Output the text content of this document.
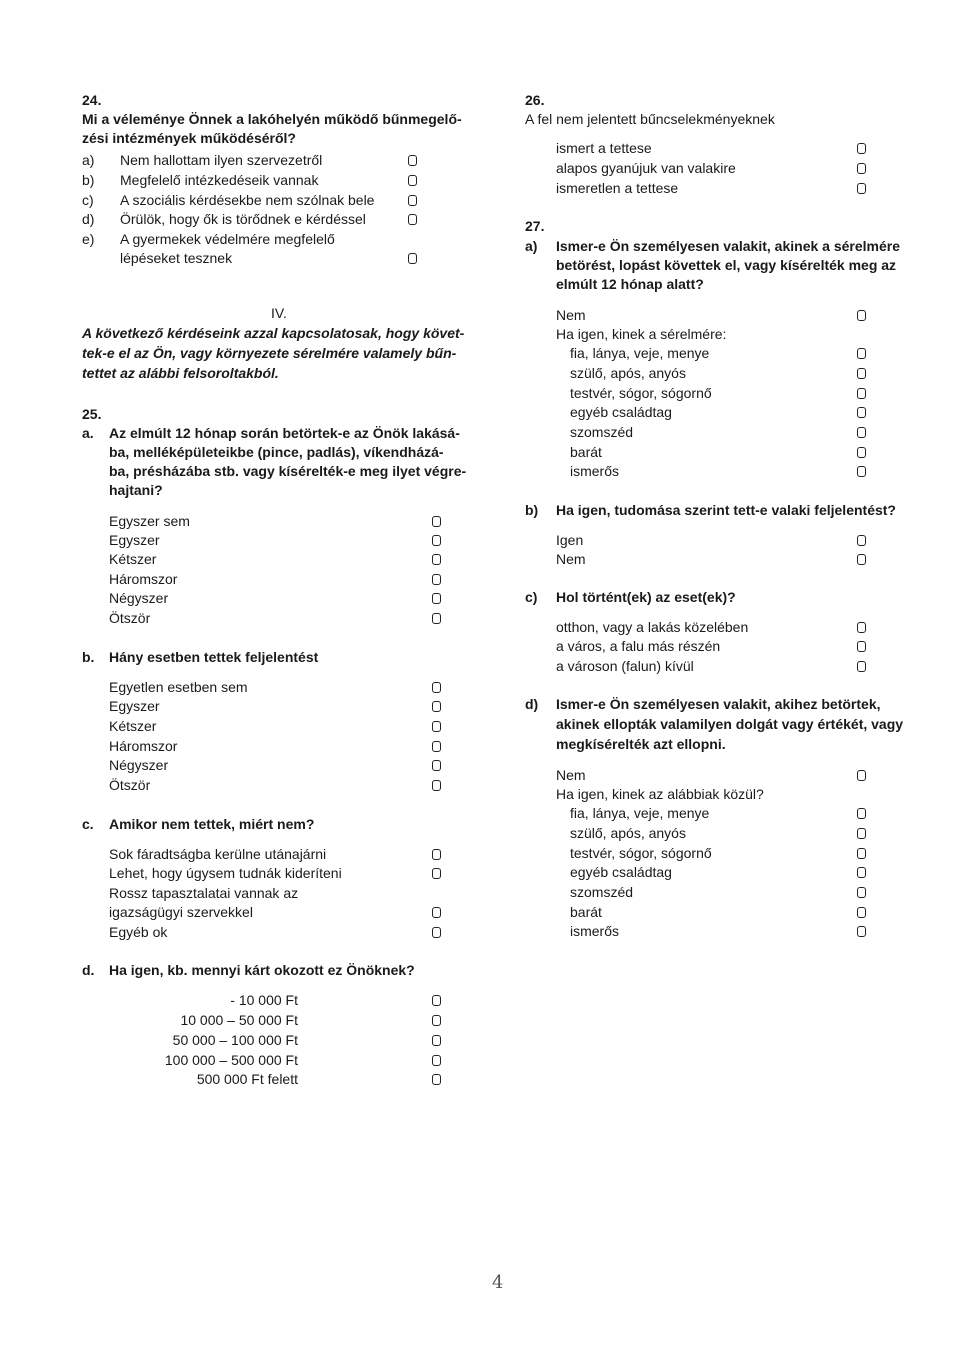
24.
Mi a véleménye Önnek a lakóhelyén működő bűnmegelő-
zési intézmények működéséről?
a) Nem hallottam ilyen szervezetről
b) Megfelelő intézkedéseik vannak
c) A szociális kérdésekbe nem szólnak bele
d) Örülök, hogy ők is törődnek e kérdéssel
e) A gyermekek védelmére megfelelő
lépéseket tesznek
IV.
A következő kérdéseink azzal kapcsolatosak, hogy követ-
tek-e el az Ön, vagy környezete sérelmére valamely bűn-
tettet az alábbi felsoroltakból.
25.
a. Az elmúlt 12 hónap során betörtek-e az Önök lakásá-
ba, melléképületeikbe (pince, padlás), víkendházá-
ba, présházába stb. vagy kísérelték-e meg ilyet végre-
hajtani?
Egyszer sem
Egyszer
Kétszer
Háromszor
Négyszer
Ötször
b. Hány esetben tettek feljelentést
Egyetlen esetben sem
Egyszer
Kétszer
Háromszor
Négyszer
Ötször
c. Amikor nem tettek, miért nem?
Sok fáradtságba kerülne utánajárni
Lehet, hogy úgysem tudnák kideríteni
Rossz tapasztalatai vannak az
igazságügyi szervekkel
Egyéb ok
d. Ha igen, kb. mennyi kárt okozott ez Önöknek?
- 10 000 Ft
10 000 – 50 000 Ft
50 000 – 100 000 Ft
100 000 – 500 000 Ft
500 000 Ft felett
26.
A fel nem jelentett bűncselekményeknek
ismert a tettese
alapos gyanújuk van valakire
ismeretlen a tettese
27.
a) Ismer-e Ön személyesen valakit, akinek a sérelmére
betörést, lopást követtek el, vagy kísérelték meg az
elmúlt 12 hónap alatt?
Nem
Ha igen, kinek a sérelmére:
fia, lánya, veje, menye
szülő, após, anyós
testvér, sógor, sógornő
egyéb családtag
szomszéd
barát
ismerős
b) Ha igen, tudomása szerint tett-e valaki feljelentést?
Igen
Nem
c) Hol történt(ek) az eset(ek)?
otthon, vagy a lakás közelében
a város, a falu más részén
a városon (falun) kívül
d) Ismer-e Ön személyesen valakit, akihez betörtek,
akinek ellopták valamilyen dolgát vagy értékét, vagy
megkísérelték azt ellopni.
Nem
Ha igen, kinek az alábbiak közül?
fia, lánya, veje, menye
szülő, após, anyós
testvér, sógor, sógornő
egyéb családtag
szomszéd
barát
ismerős
4
